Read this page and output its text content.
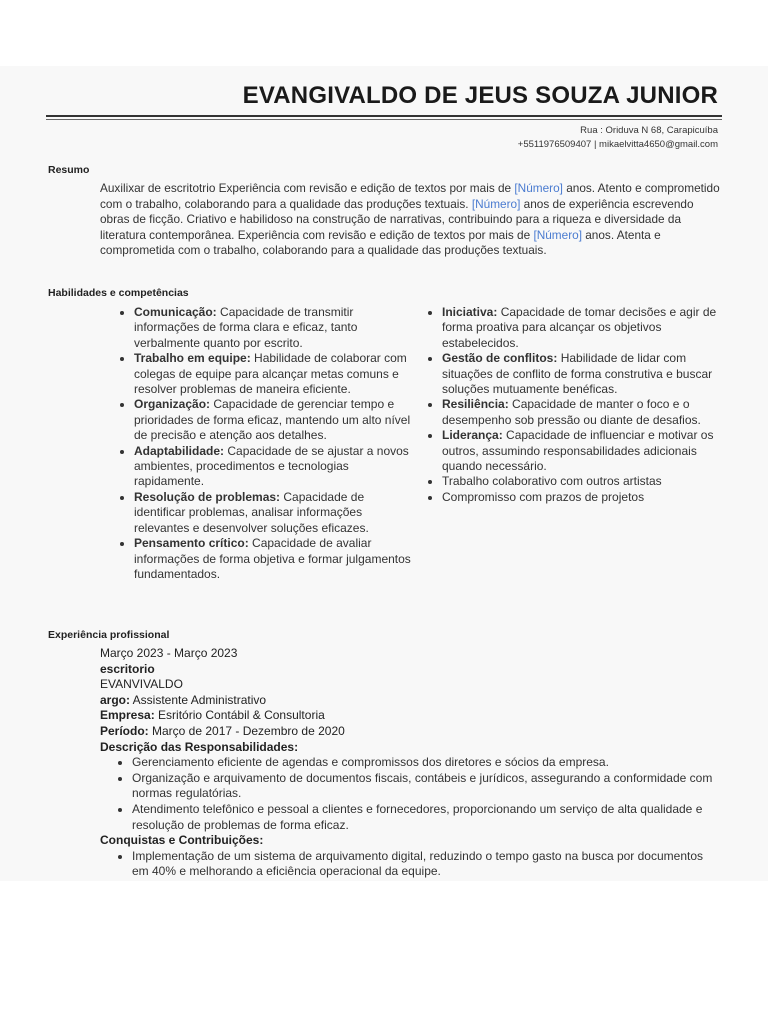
EVANGIVALDO DE JEUS SOUZA JUNIOR
Rua : Oriduva N 68, Carapicuíba
+5511976509407 | mikaelvitta4650@gmail.com
Resumo
Auxilixar de escritotrio Experiência com revisão e edição de textos por mais de [Número] anos. Atento e comprometido com o trabalho, colaborando para a qualidade das produções textuais. [Número] anos de experiência escrevendo obras de ficção. Criativo e habilidoso na construção de narrativas, contribuindo para a riqueza e diversidade da literatura contemporânea. Experiência com revisão e edição de textos por mais de [Número] anos. Atenta e comprometida com o trabalho, colaborando para a qualidade das produções textuais.
Habilidades e competências
• Comunicação: Capacidade de transmitir informações de forma clara e eficaz, tanto verbalmente quanto por escrito.
• Trabalho em equipe: Habilidade de colaborar com colegas de equipe para alcançar metas comuns e resolver problemas de maneira eficiente.
• Organização: Capacidade de gerenciar tempo e prioridades de forma eficaz, mantendo um alto nível de precisão e atenção aos detalhes.
• Adaptabilidade: Capacidade de se ajustar a novos ambientes, procedimentos e tecnologias rapidamente.
• Resolução de problemas: Capacidade de identificar problemas, analisar informações relevantes e desenvolver soluções eficazes.
• Pensamento crítico: Capacidade de avaliar informações de forma objetiva e formar julgamentos fundamentados.
• Iniciativa: Capacidade de tomar decisões e agir de forma proativa para alcançar os objetivos estabelecidos.
• Gestão de conflitos: Habilidade de lidar com situações de conflito de forma construtiva e buscar soluções mutuamente benéficas.
• Resiliência: Capacidade de manter o foco e o desempenho sob pressão ou diante de desafios.
• Liderança: Capacidade de influenciar e motivar os outros, assumindo responsabilidades adicionais quando necessário.
• Trabalho colaborativo com outros artistas
• Compromisso com prazos de projetos
Experiência profissional
Março 2023 - Março 2023
escritorio
EVANVIVALDO
argo: Assistente Administrativo
Empresa: Esritório Contábil & Consultoria
Período: Março de 2017 - Dezembro de 2020
Descrição das Responsabilidades:
• Gerenciamento eficiente de agendas e compromissos dos diretores e sócios da empresa.
• Organização e arquivamento de documentos fiscais, contábeis e jurídicos, assegurando a conformidade com normas regulatórias.
• Atendimento telefônico e pessoal a clientes e fornecedores, proporcionando um serviço de alta qualidade e resolução de problemas de forma eficaz.
Conquistas e Contribuições:
• Implementação de um sistema de arquivamento digital, reduzindo o tempo gasto na busca por documentos em 40% e melhorando a eficiência operacional da equipe.
